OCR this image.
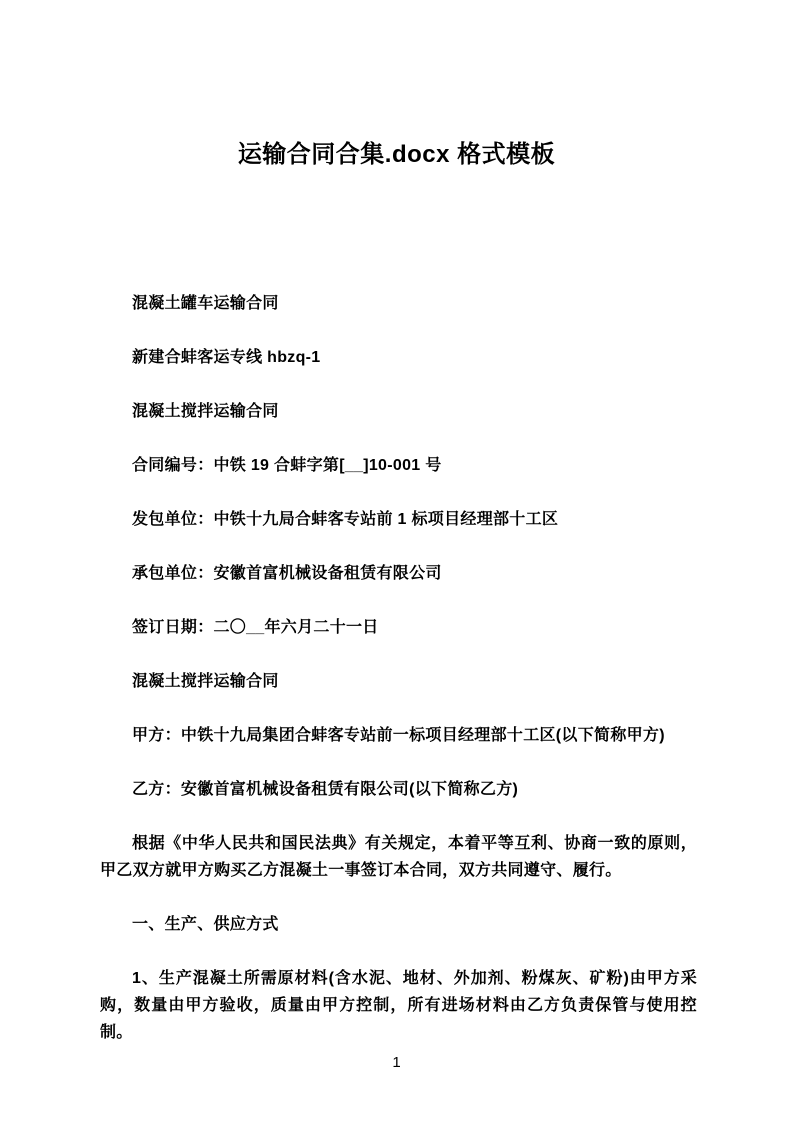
运输合同合集.docx 格式模板

混凝土罐车运输合同

新建合蚌客运专线 hbzq-1

混凝土搅拌运输合同

合同编号：中铁 19 合蚌字第[__]10-001 号

发包单位：中铁十九局合蚌客专站前 1 标项目经理部十工区

承包单位：安徽首富机械设备租赁有限公司

签订日期：二〇__年六月二十一日

混凝土搅拌运输合同

甲方：中铁十九局集团合蚌客专站前一标项目经理部十工区(以下简称甲方)

乙方：安徽首富机械设备租赁有限公司(以下简称乙方)

根据《中华人民共和国民法典》有关规定，本着平等互利、协商一致的原则，甲乙双方就甲方购买乙方混凝土一事签订本合同，双方共同遵守、履行。

一、生产、供应方式

1、生产混凝土所需原材料(含水泥、地材、外加剂、粉煤灰、矿粉)由甲方采购，数量由甲方验收，质量由甲方控制，所有进场材料由乙方负责保管与使用控制。

1
